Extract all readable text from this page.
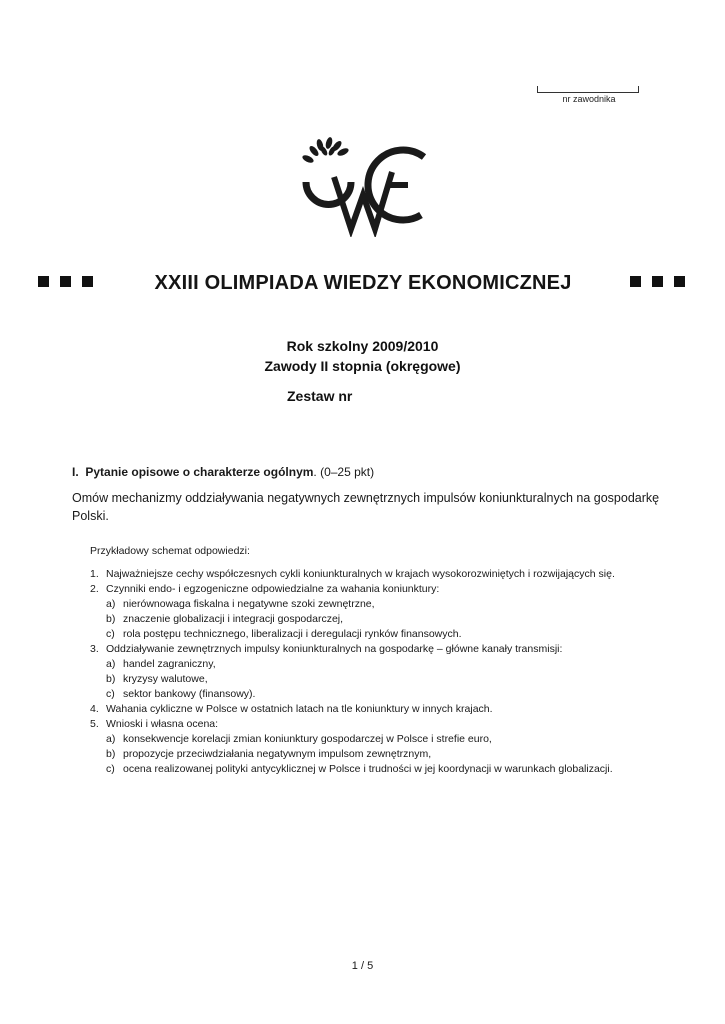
nr zawodnika
XXIII OLIMPIADA WIEDZY EKONOMICZNEJ
Rok szkolny 2009/2010
Zawody II stopnia (okręgowe)
Zestaw nr
I. Pytanie opisowe o charakterze ogólnym. (0–25 pkt)
Omów mechanizmy oddziaływania negatywnych zewnętrznych impulsów koniunkturalnych na gospodarkę Polski.
Przykładowy schemat odpowiedzi:
1. Najważniejsze cechy współczesnych cykli koniunkturalnych w krajach wysokorozwiniętych i rozwijających się.
2. Czynniki endo- i egzogeniczne odpowiedzialne za wahania koniunktury:
a) nierównowaga fiskalna i negatywne szoki zewnętrzne,
b) znaczenie globalizacji i integracji gospodarczej,
c) rola postępu technicznego, liberalizacji i deregulacji rynków finansowych.
3. Oddziaływanie zewnętrznych impulsy koniunkturalnych na gospodarkę – główne kanały transmisji:
a) handel zagraniczny,
b) kryzysy walutowe,
c) sektor bankowy (finansowy).
4. Wahania cykliczne w Polsce w ostatnich latach na tle koniunktury w innych krajach.
5. Wnioski i własna ocena:
a) konsekwencje korelacji zmian koniunktury gospodarczej w Polsce i strefie euro,
b) propozycje przeciwdziałania negatywnym impulsom zewnętrznym,
c) ocena realizowanej polityki antycyklicznej w Polsce i trudności w jej koordynacji w warunkach globalizacji.
1 / 5
